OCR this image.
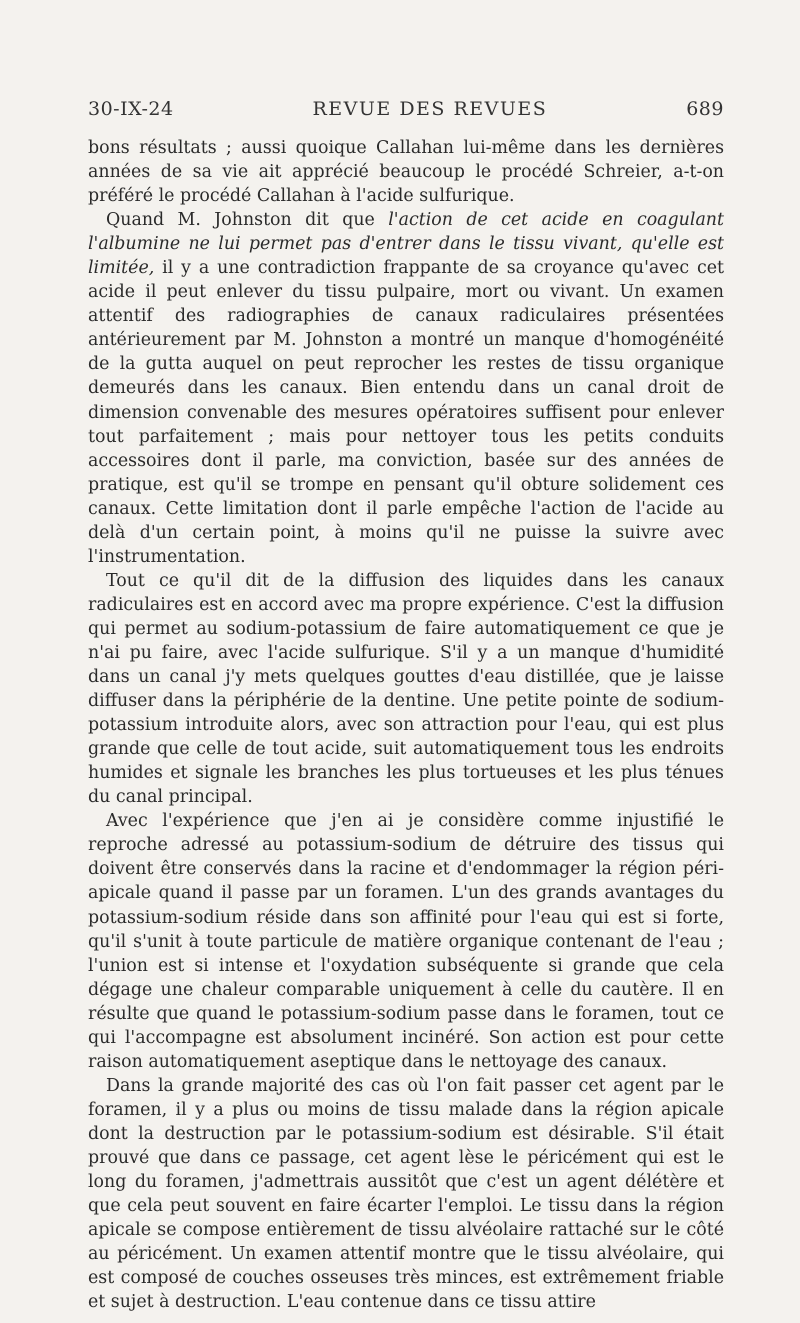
30-IX-24	REVUE DES REVUES	689

bons résultats ; aussi quoique Callahan lui-même dans les dernières années de sa vie ait apprécié beaucoup le procédé Schreier, a-t-on préféré le procédé Callahan à l'acide sulfurique.

Quand M. Johnston dit que l'action de cet acide en coagulant l'albumine ne lui permet pas d'entrer dans le tissu vivant, qu'elle est limitée, il y a une contradiction frappante de sa croyance qu'avec cet acide il peut enlever du tissu pulpaire, mort ou vivant. Un examen attentif des radiographies de canaux radiculaires présentées antérieurement par M. Johnston a montré un manque d'homogénéité de la gutta auquel on peut reprocher les restes de tissu organique demeurés dans les canaux. Bien entendu dans un canal droit de dimension convenable des mesures opératoires suffisent pour enlever tout parfaitement ; mais pour nettoyer tous les petits conduits accessoires dont il parle, ma conviction, basée sur des années de pratique, est qu'il se trompe en pensant qu'il obture solidement ces canaux. Cette limitation dont il parle empêche l'action de l'acide au delà d'un certain point, à moins qu'il ne puisse la suivre avec l'instrumentation.

Tout ce qu'il dit de la diffusion des liquides dans les canaux radiculaires est en accord avec ma propre expérience. C'est la diffusion qui permet au sodium-potassium de faire automatiquement ce que je n'ai pu faire, avec l'acide sulfurique. S'il y a un manque d'humidité dans un canal j'y mets quelques gouttes d'eau distillée, que je laisse diffuser dans la périphérie de la dentine. Une petite pointe de sodium-potassium introduite alors, avec son attraction pour l'eau, qui est plus grande que celle de tout acide, suit automatiquement tous les endroits humides et signale les branches les plus tortueuses et les plus ténues du canal principal.

Avec l'expérience que j'en ai je considère comme injustifié le reproche adressé au potassium-sodium de détruire des tissus qui doivent être conservés dans la racine et d'endommager la région péri-apicale quand il passe par un foramen. L'un des grands avantages du potassium-sodium réside dans son affinité pour l'eau qui est si forte, qu'il s'unit à toute particule de matière organique contenant de l'eau ; l'union est si intense et l'oxydation subséquente si grande que cela dégage une chaleur comparable uniquement à celle du cautère. Il en résulte que quand le potassium-sodium passe dans le foramen, tout ce qui l'accompagne est absolument incinéré. Son action est pour cette raison automatiquement aseptique dans le nettoyage des canaux.

Dans la grande majorité des cas où l'on fait passer cet agent par le foramen, il y a plus ou moins de tissu malade dans la région apicale dont la destruction par le potassium-sodium est désirable. S'il était prouvé que dans ce passage, cet agent lèse le péricément qui est le long du foramen, j'admettrais aussitôt que c'est un agent délétère et que cela peut souvent en faire écarter l'emploi. Le tissu dans la région apicale se compose entièrement de tissu alvéolaire rattaché sur le côté au péricément. Un examen attentif montre que le tissu alvéolaire, qui est composé de couches osseuses très minces, est extrêmement friable et sujet à destruction. L'eau contenue dans ce tissu attire
